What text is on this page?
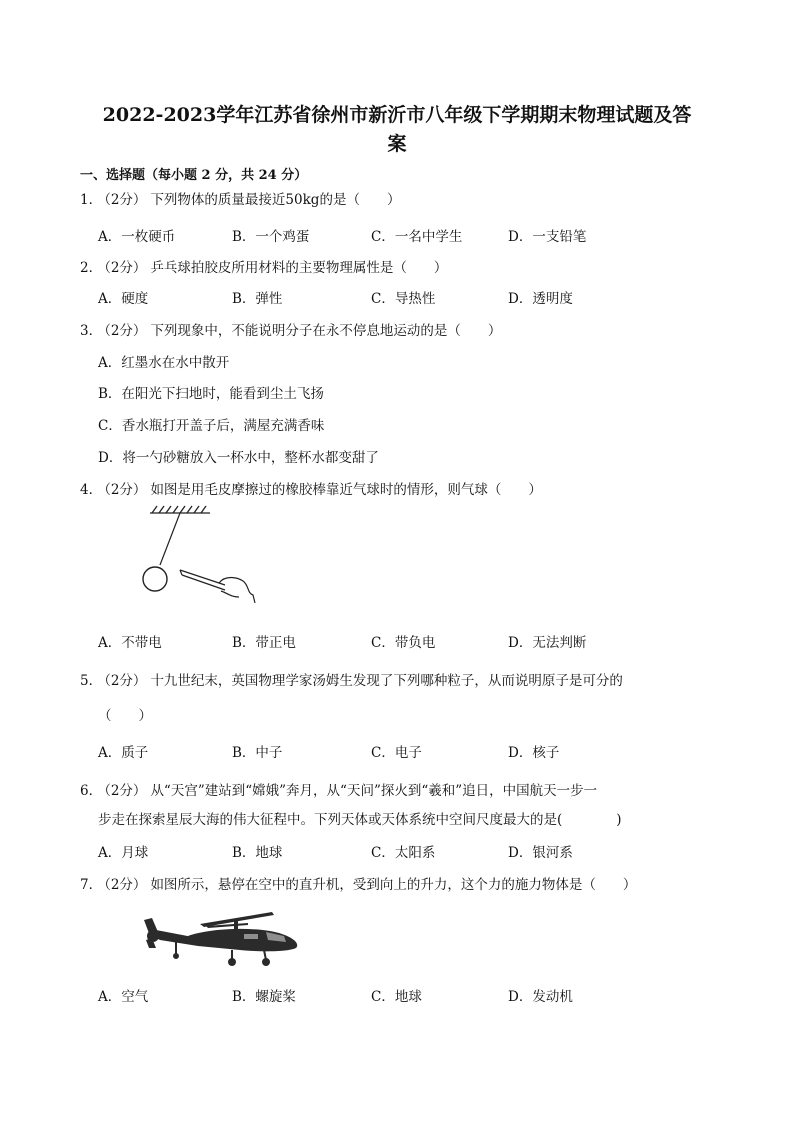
2022-2023学年江苏省徐州市新沂市八年级下学期期末物理试题及答
案
一、选择题（每小题 2 分，共 24 分）
1． （2分） 下列物体的质量最接近50kg的是（　　）
A．一枚硬币	B．一个鸡蛋	C．一名中学生	D．一支铅笔
2． （2分） 乒乓球拍胶皮所用材料的主要物理属性是（　　）
A．硬度	B．弹性	C．导热性	D．透明度
3． （2分） 下列现象中，不能说明分子在永不停息地运动的是（　　）
A．红墨水在水中散开
B．在阳光下扫地时，能看到尘土飞扬
C．香水瓶打开盖子后，满屋充满香味
D．将一勺砂糖放入一杯水中，整杯水都变甜了
4． （2分） 如图是用毛皮摩擦过的橡胶棒靠近气球时的情形，则气球（　　）
A．不带电	B．带正电	C．带负电	D．无法判断
5． （2分） 十九世纪末，英国物理学家汤姆生发现了下列哪种粒子，从而说明原子是可分的
（　　）
A．质子	B．中子	C．电子	D．核子
6． （2分） 从“天宫”建站到“嫦娥”奔月，从“天问”探火到“羲和”追日，中国航天一步一
步走在探索星辰大海的伟大征程中。下列天体或天体系统中空间尺度最大的是(　　　　)
A．月球	B．地球	C．太阳系	D．银河系
7． （2分） 如图所示，悬停在空中的直升机，受到向上的升力，这个力的施力物体是（　　）
A．空气	B．螺旋桨	C．地球	D．发动机
